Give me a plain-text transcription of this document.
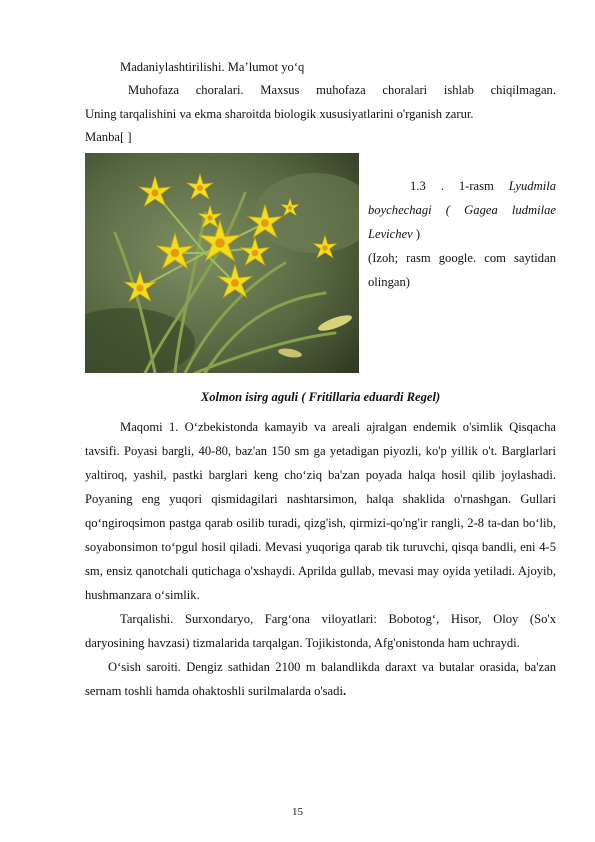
Madaniylashtirilishi. Maʼlumot yoʻq
Muhofaza choralari. Maxsus muhofaza choralari ishlab chiqilmagan.
Uning tarqalishini va ekma sharoitda biologik xususiyatlarini o'rganish zarur.
Manba[ ]

1.3 . 1-rasm Lyudmila boychechagi ( Gagea ludmilae Levichev )

(Izoh; rasm google. com saytidan olingan)

Xolmon isirg aguli ( Fritillaria eduardi Regel)

Maqomi 1. Oʻzbekistonda kamayib va areali ajralgan endemik o'simlik Qisqacha tavsifi. Poyasi bargli, 40-80, baz'an 150 sm ga yetadigan piyozli, ko'p yillik o't. Barglarlari yaltiroq, yashil, pastki barglari keng choʻziq ba'zan poyada halqa hosil qilib joylashadi. Poyaning eng yuqori qismidagilari nashtarsimon, halqa shaklida o'rnashgan. Gullari qoʻngiroqsimon pastga qarab osilib turadi, qizg'ish, qirmizi-qo'ng'ir rangli, 2-8 ta-dan boʻlib, soyabonsimon toʻpgul hosil qiladi. Mevasi yuqoriga qarab tik turuvchi, qisqa bandli, eni 4-5 sm, ensiz qanotchali qutichaga o'xshaydi. Aprilda gullab, mevasi may oyida yetiladi. Ajoyib, hushmanzara oʻsimlik.

Tarqalishi. Surxondaryo, Fargʻona viloyatlari: Bobotogʻ, Hisor, Oloy (So'x daryosining havzasi) tizmalarida tarqalgan. Tojikistonda, Afg'onistonda ham uchraydi.

Oʻsish saroiti. Dengiz sathidan 2100 m balandlikda daraxt va butalar orasida, ba'zan sernam toshli hamda ohaktoshli surilmalarda o'sadi.

15
